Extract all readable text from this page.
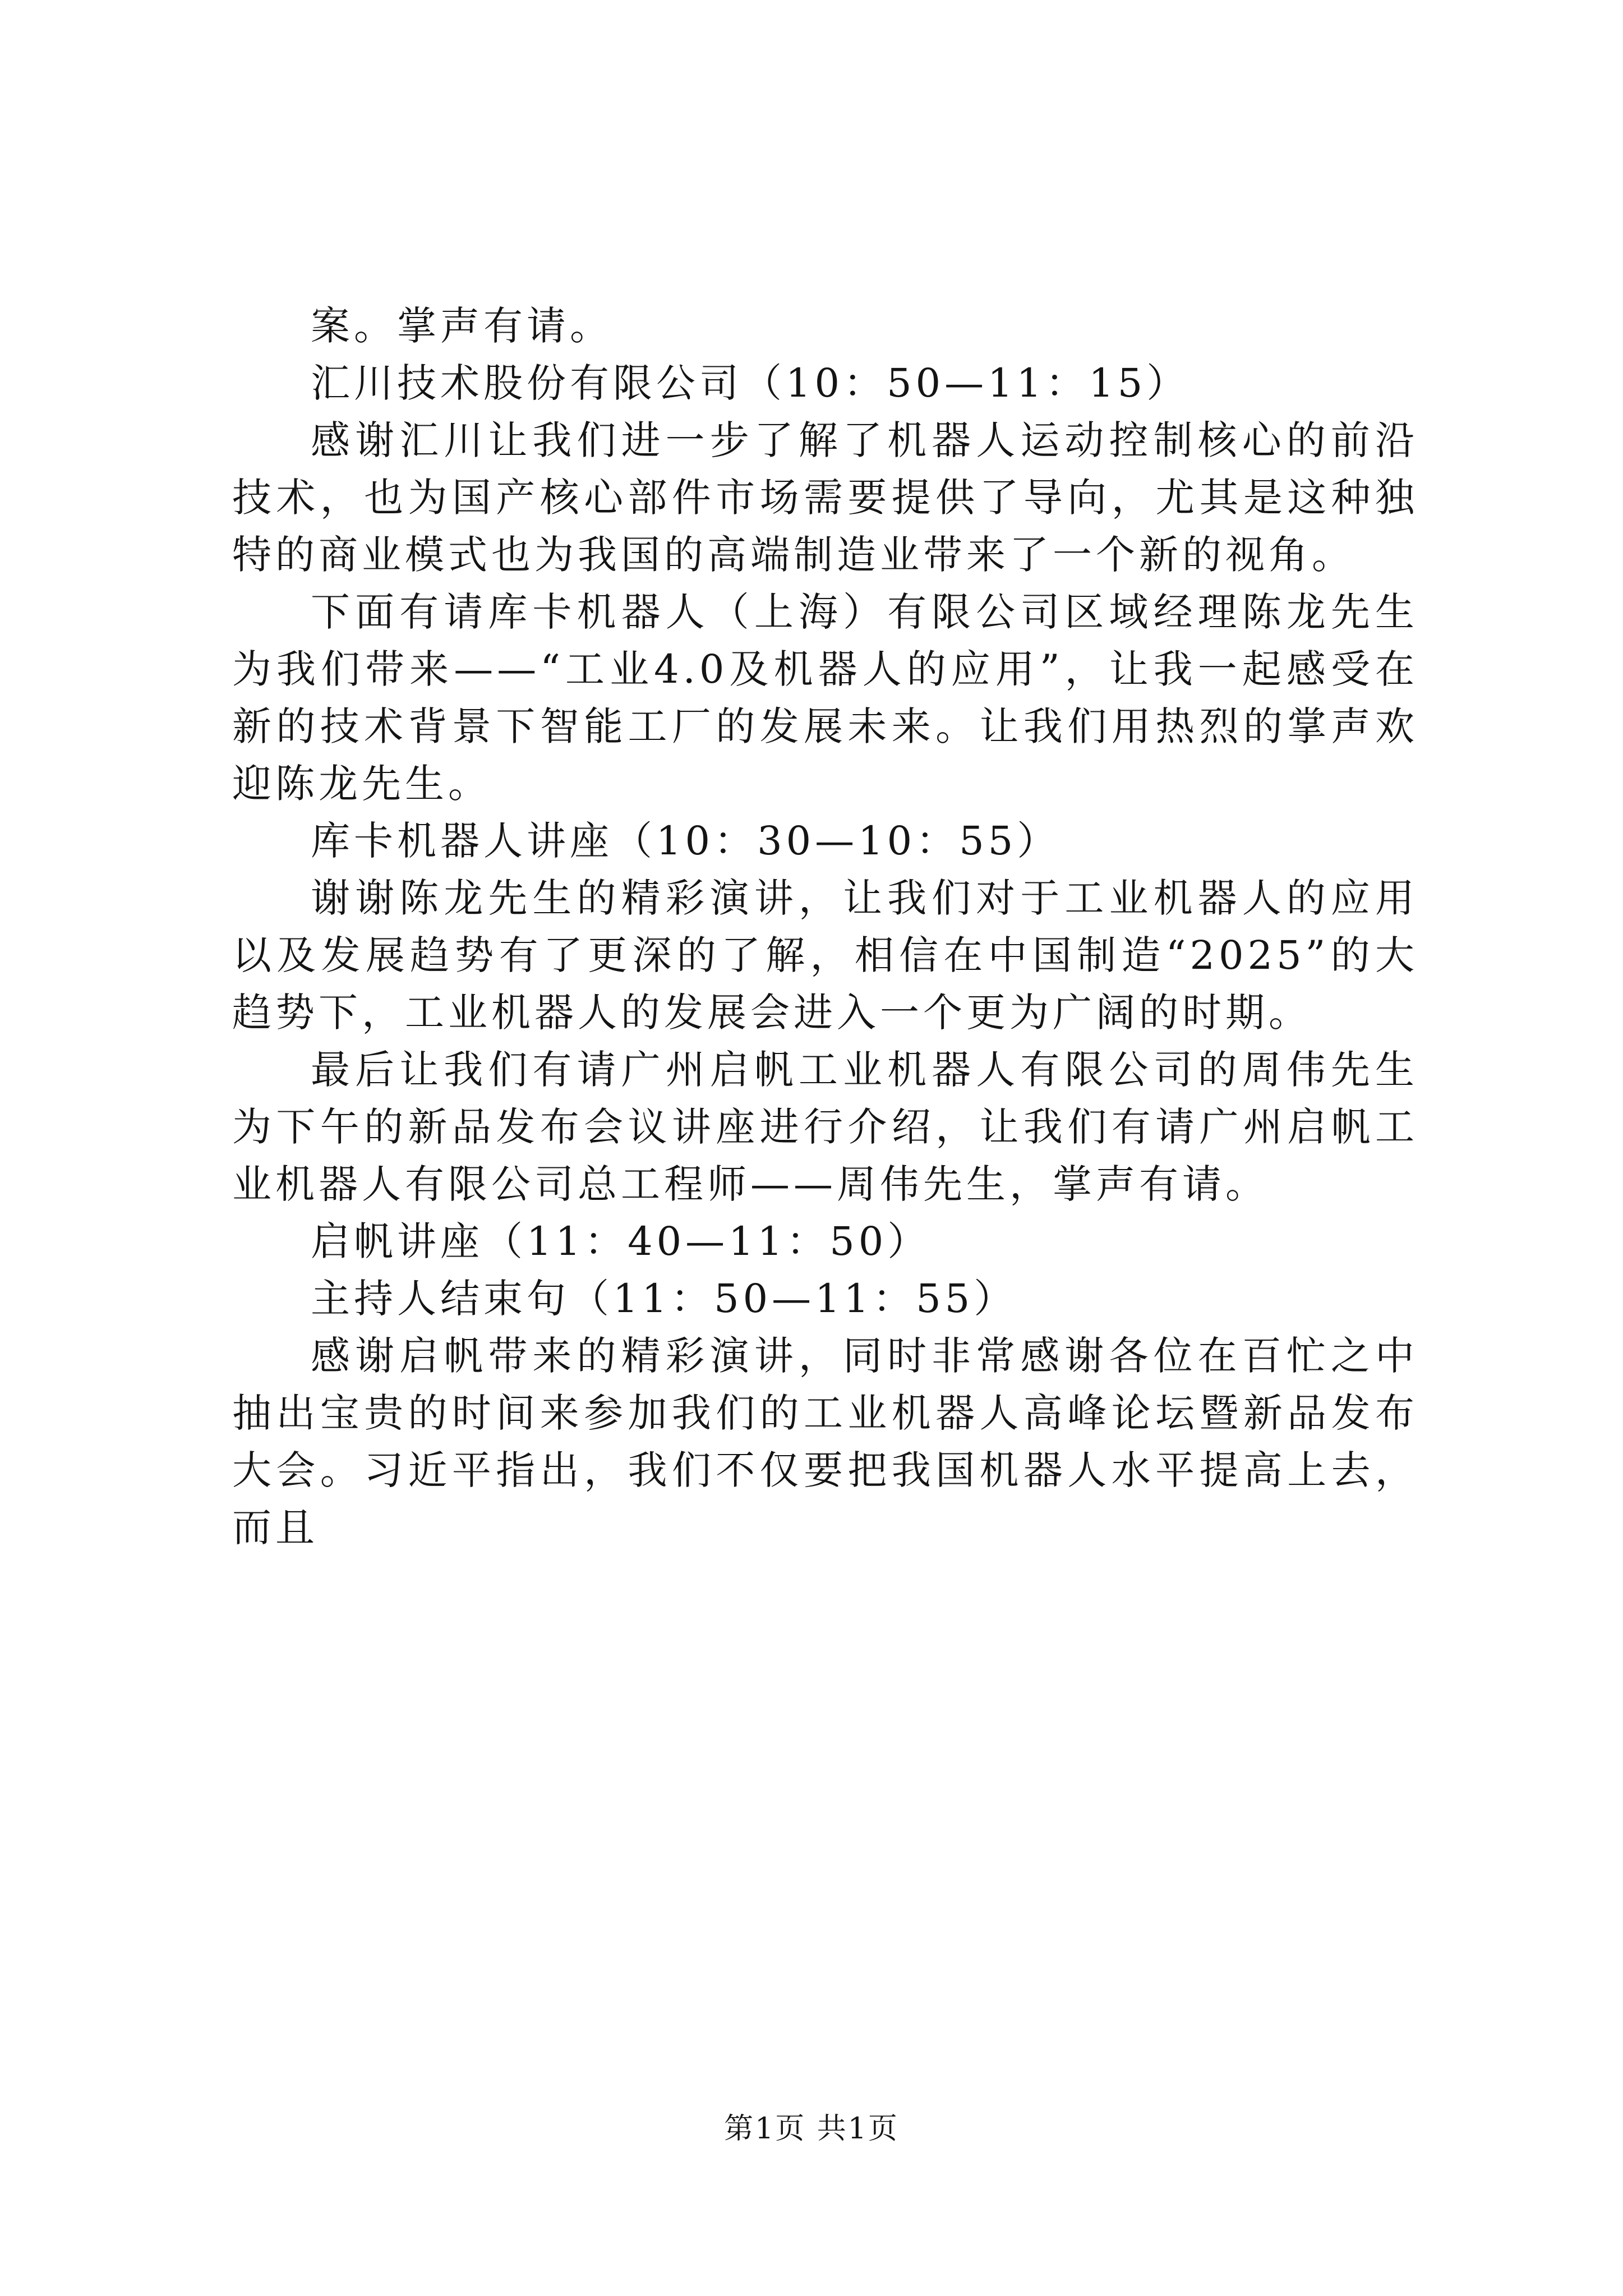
案。掌声有请。

汇川技术股份有限公司（10：50—11：15）

感谢汇川让我们进一步了解了机器人运动控制核心的前沿技术，也为国产核心部件市场需要提供了导向，尤其是这种独特的商业模式也为我国的高端制造业带来了一个新的视角。

下面有请库卡机器人（上海）有限公司区域经理陈龙先生为我们带来——“工业4.0及机器人的应用”，让我一起感受在新的技术背景下智能工厂的发展未来。让我们用热烈的掌声欢迎陈龙先生。

库卡机器人讲座（10：30—10：55）

谢谢陈龙先生的精彩演讲，让我们对于工业机器人的应用以及发展趋势有了更深的了解，相信在中国制造“2025”的大趋势下，工业机器人的发展会进入一个更为广阔的时期。

最后让我们有请广州启帆工业机器人有限公司的周伟先生为下午的新品发布会议讲座进行介绍，让我们有请广州启帆工业机器人有限公司总工程师——周伟先生，掌声有请。

启帆讲座（11：40—11：50）

主持人结束句（11：50—11：55）

感谢启帆带来的精彩演讲，同时非常感谢各位在百忙之中抽出宝贵的时间来参加我们的工业机器人高峰论坛暨新品发布大会。习近平指出，我们不仅要把我国机器人水平提高上去，而且

第1页 共1页
